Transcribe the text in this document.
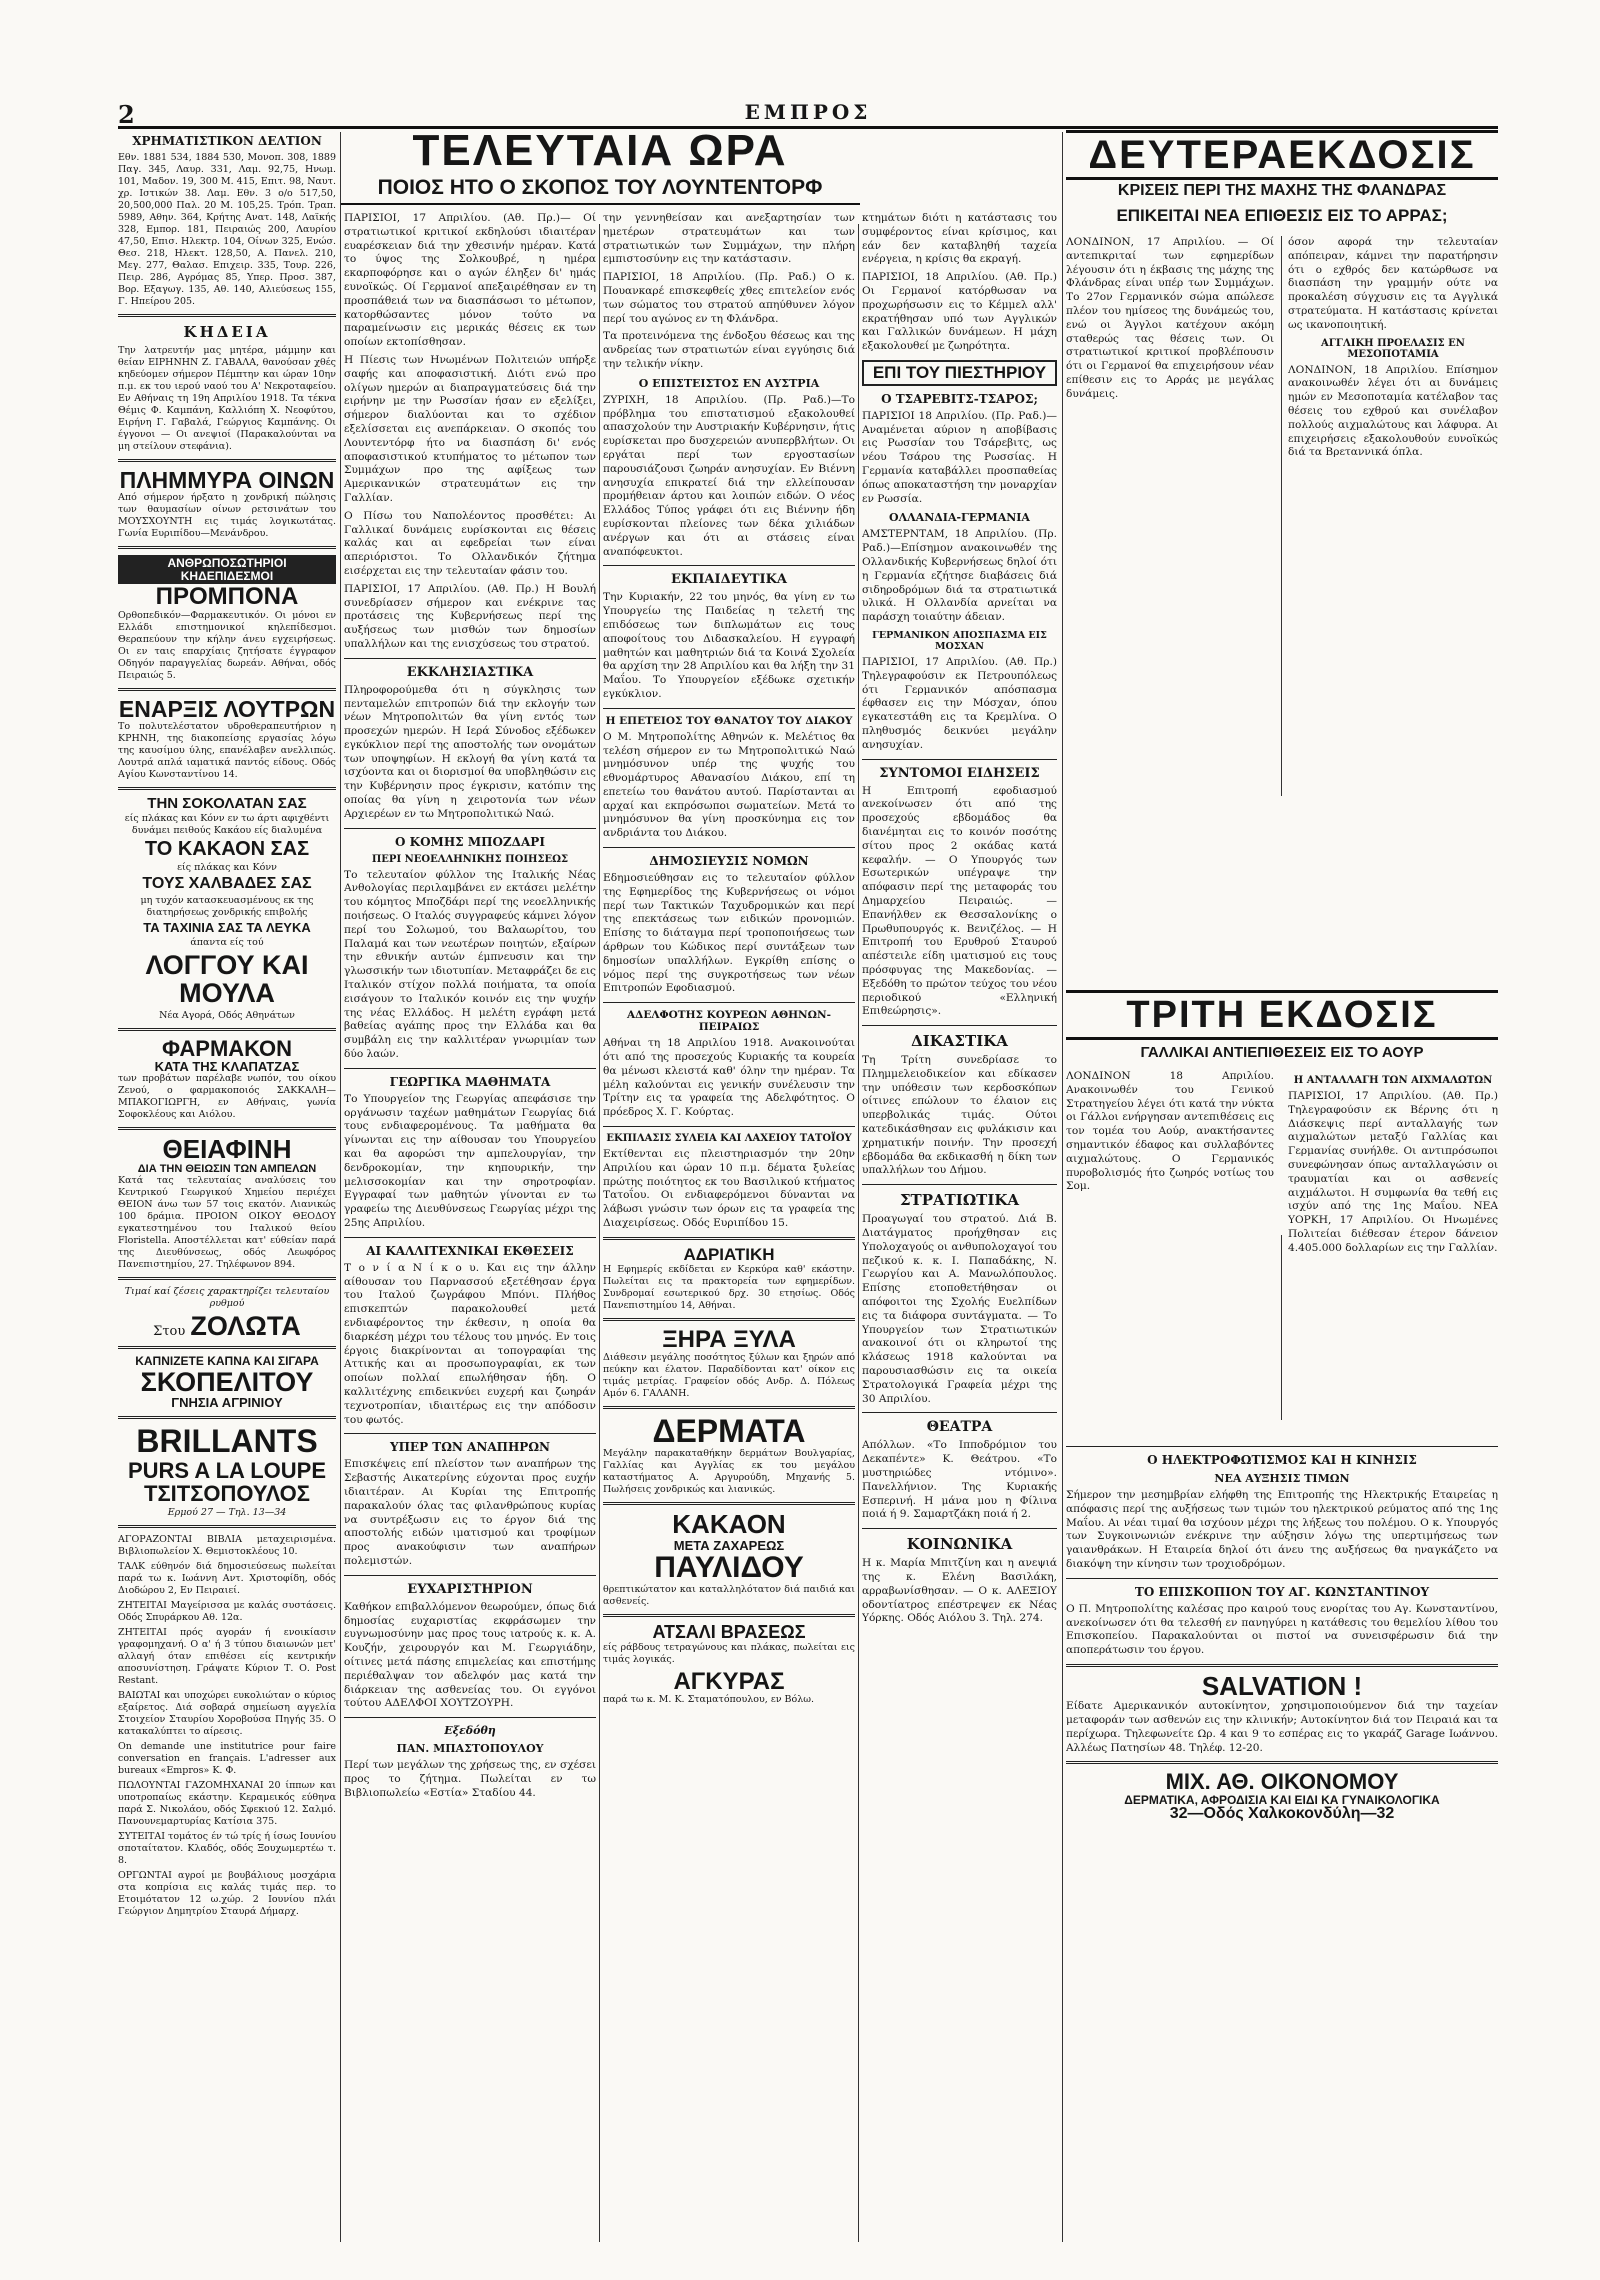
2	ΕΜΠΡΟΣ
ΤΕΛΕΥΤΑΙΑ ΩΡΑ
ΠΟΙΟΣ ΗΤΟ Ο ΣΚΟΠΟΣ ΤΟΥ ΛΟΥΝΤΕΝΤΟΡΦ
ΔΕΥΤΕΡΑΕΚΔΟΣΙΣ
ΚΡΙΣΕΙΣ ΠΕΡΙ ΤΗΣ ΜΑΧΗΣ ΤΗΣ ΦΛΑΝΔΡΑΣ
ΕΠΙΚΕΙΤΑΙ ΝΕΑ ΕΠΙΘΕΣΙΣ ΕΙΣ ΤΟ ΑΡΡΑΣ;
ΧΡΗΜΑΤΙΣΤΙΚΟΝ ΔΕΛΤΙΟΝ

Εθν. 1881 534, 1884 530, Μονοπ. 308, 1889 Παγ. 345, Λαυρ. 331, Λαμ. 92,75, Ηνωμ. 101, Μαδον. 19, 300 Μ. 415, Επιτ. 98, Ναυτ. χρ. Ιστικών 38. Λαμ. Εθν. 3 ο/ο 517,50, 20,500,000 Παλ. 20 Μ. 105,25. Τρόπ. Τραπ. 5989, Αθην. 364, Κρήτης Ανατ. 148, Λαϊκής 328, Εμπορ. 181, Πειραιώς 200, Λαυρίου 47,50, Επισ. Ηλεκτρ. 104, Οίνων 325, Ενώσ. Θεσ. 218, Ηλεκτ. 128,50, Α. Πανελ. 210, Μεγ. 277, Θαλασ. Επιχειρ. 335, Τουρ. 226, Πειρ. 286, Αγρόμας 85, Υπερ. Προσ. 387, Βορ. Εξαγωγ. 135, Αθ. 140, Αλιεύσεως 155, Γ. Ηπείρου 205.

ΚΗΔΕΙΑ

Την λατρευτήν μας μητέρα, μάμμην και θείαν ΕΙΡΗΝΗΝ Ζ. ΓΑΒΑΛΑ, θανούσαν χθές κηδεύομεν σήμερον Πέμπτην και ώραν 10ην π.μ. εκ του ιερού ναού του Α' Νεκροταφείου. Εν Αθήναις τη 19η Απριλίου 1918. Τα τέκνα Θέμις Φ. Καμπάνη, Καλλιόπη Χ. Νεοφύτου, Ειρήνη Γ. Γαβαλά, Γεώργιος Καμπάνης. Οι έγγονοι — Οι ανεψιοί (Παρακαλούνται να μη στείλουν στεφάνια).

ΠΛΗΜΜΥΡΑ ΟΙΝΩΝ

Από σήμερον ήρξατο η χονδρική πώλησις των θαυμασίων οίνων ρετσινάτων του ΜΟΥΣΧΟΥΝΤΗ εις τιμάς λογικωτάτας. Γωνία Ευριπίδου—Μενάνδρου.

ΑΝΘΡΩΠΟΣΩΤΗΡΙΟΙ ΚΗΔΕΠΙΔΕΣΜΟΙ
ΠΡΟΜΠΟΝΑ

Ορθοπεδικόν—Φαρμακευτικόν. Οι μόνοι εν Ελλάδι επιστημονικοί κηλεπίδεσμοι. Θεραπεύουν την κήλην άνευ εγχειρήσεως. Οι εν ταις επαρχίαις ζητήσατε έγγραφον Οδηγόν παραγγελίας δωρεάν. Αθήναι, οδός Πειραιώς 5.

ΕΝΑΡΞΙΣ ΛΟΥΤΡΩΝ

Το πολυτελέστατον υδροθεραπευτήριον η ΚΡΗΝΗ, της διακοπείσης εργασίας λόγω της καυσίμου ύλης, επανέλαβεν ανελλιπώς. Λουτρά απλά ιαματικά παντός είδους. Οδός Αγίου Κωνσταντίνου 14.

ΤΗΝ ΣΟΚΟΛΑΤΑΝ ΣΑΣ
είς πλάκας και Κόνν εν τω άρτι αφιχθέντι δυνάμει πειθούς Κακάου είς διαλυμένα
ΤΟ ΚΑΚΑΟΝ ΣΑΣ
είς πλάκας και Κόνν
ΤΟΥΣ ΧΑΛΒΑΔΕΣ ΣΑΣ
μη τυχόν κατασκευασμένους εκ της διατηρήσεως χονδρικής επιβολής
ΤΑ ΤΑΧΙΝΙΑ ΣΑΣ ΤΑ ΛΕΥΚΑ
άπαντα είς τού
ΛΟΓΓΟΥ ΚΑΙ ΜΟΥΛΑ
Νέα Αγορά, Οδός Αθηνάτων
ΦΑΡΜΑΚΟΝ
ΚΑΤΑ ΤΗΣ ΚΛΑΠΑΤΖΑΣ

των προβάτων παρέλαβε νωπόν, του οίκου Ζενού, ο φαρμακοποιός ΣΑΚΚΑΛΗ—ΜΠΑΚΟΓΙΩΡΓΗ, εν Αθήναις, γωνία Σοφοκλέους και Αιόλου.

ΘΕΙΑΦΙΝΗ
ΔΙΑ ΤΗΝ ΘΕΙΩΣΙΝ ΤΩΝ ΑΜΠΕΛΩΝ

Κατά τας τελευταίας αναλύσεις του Κεντρικού Γεωργικού Χημείου περιέχει ΘΕΙΟΝ άνω των 57 τοις εκατόν. Λιανικώς 100 δράμια. ΠΡΟΙΟΝ ΟΙΚΟΥ ΘΕΟΔΟΥ εγκατεστημένου του Ιταλικού θείου Floristella. Αποστέλλεται κατ' εύθείαν παρά της Διευθύνσεως, οδός Λεωφόρος Πανεπιστημίου, 27. Τηλέφωνον 894.

Τιμαί καί ζέσεις χαρακτηρίζει τελευταίου ρυθμού
Στου ΖΟΛΩΤΑ
ΚΑΠΝΙΖΕΤΕ ΚΑΠΝΑ ΚΑΙ ΣΙΓΑΡΑ
ΣΚΟΠΕΛΙΤΟΥ
ΓΝΗΣΙΑ ΑΓΡΙΝΙΟΥ
BRILLANTS
PURS A LA LOUPE
ΤΣΙΤΣΟΠΟΥΛΟΣ
Ερμού 27 — Τηλ. 13—34

ΑΓΟΡΑΖΟΝΤΑΙ ΒΙΒΛΙΑ μεταχειρισμένα. Βιβλιοπωλείον Χ. Θεμιστοκλέους 10.

ΤΑΛΚ εύθηνόν διά δημοσιεύσεως πωλείται παρά τω κ. Ιωάννη Αντ. Χριστοφίδη, οδός Διοδώρου 2, Εν Πειραιεί.

ΖΗΤΕΙΤΑΙ Μαγείρισσα με καλάς συστάσεις. Οδός Σπυράρκου Αθ. 12α.

ΖΗΤΕΙΤΑΙ πρός αγοράν ή ενοικίασιν γραφομηχανή. Ο α' ή 3 τύπου διαιωνών μετ' αλλαγή όταν επιθέσει είς κεντρικήν αποσυνίστηση. Γράψατε Κύριον Τ. Ο. Post Restant.

ΒΑΙΩΤΑΙ και υποχώρει ευκολιώταν ο κύριος εξαίρετος. Διά σοβαρά σημείωση αγγελία Στοιχείον Σταυρίου Χοροβούσα Πηγής 35. Ο κατακαλύπτει το αίρεσις.

On demande une institutrice pour faire conversation en français. L'adresser aux bureaux «Empros» K. Φ.

ΠΩΛΟΥΝΤΑΙ ΓΑΖΟΜΗΧΑΝΑΙ 20 ίππων και υποτροπαίως εκάστην. Κεραμεικός εύθηνα παρά Σ. Νικολάου, οδός Σφεκιού 12. Σαλμό. Πανουνεμαρτυρίας Κατίσια 375.

ΣΥΤΕΙΤΑΙ τομάτος έν τώ τρίς ή ίσως Ιουνίου σποταίτατον. Κλαδός, οδός Ξουχωμερτέω τ. 8.

ΟΡΓΩΝΤΑΙ αγροί με βουβάλιους μοσχάρια στα κοπρίσια εις καλάς τιμάς περ. το Ετοιμότατον 12 ω.χώρ. 2 Ιουνίου πλάι Γεώργιον Δημητρίου Σταυρά Δήμαρχ.

ΠΑΡΙΣΙΟΙ, 17 Απριλίου. (Αθ. Πρ.)— Οί στρατιωτικοί κριτικοί εκδηλούσι ιδιαιτέραν ευαρέσκειαν διά την χθεσινήν ημέραν. Κατά το ύψος της Σολκουβρέ, η ημέρα εκαρποφόρησε και ο αγών έληξεν δι' ημάς ευνοϊκώς. Οί Γερμανοί απεξαιρέθησαν εν τη προσπάθειά των να διασπάσωσι το μέτωπον, κατορθώσαντες μόνον τούτο να παραμείνωσιν εις μερικάς θέσεις εκ των οποίων εκτοπίσθησαν.

Η Πίεσις των Ηνωμένων Πολιτειών υπήρξε σαφής και αποφασιστική. Διότι ενώ προ ολίγων ημερών αι διαπραγματεύσεις διά την ειρήνην με την Ρωσσίαν ήσαν εν εξελίξει, σήμερον διαλύονται και το σχέδιον εξελίσσεται εις ανεπάρκειαν. Ο σκοπός του Λουντεντόρφ ήτο να διασπάση δι' ενός αποφασιστικού κτυπήματος το μέτωπον των Συμμάχων προ της αφίξεως των Αμερικανικών στρατευμάτων εις την Γαλλίαν.

Ο Πίσω του Ναπολέοντος προσθέτει: Αι Γαλλικαί δυνάμεις ευρίσκονται εις θέσεις καλάς και αι εφεδρείαι των είναι απεριόριστοι. Το Ολλανδικόν ζήτημα εισέρχεται εις την τελευταίαν φάσιν του.

ΠΑΡΙΣΙΟΙ, 17 Απριλίου. (Αθ. Πρ.) Η Βουλή συνεδρίασεν σήμερον και ενέκρινε τας προτάσεις της Κυβερνήσεως περί της αυξήσεως των μισθών των δημοσίων υπαλλήλων και της ενισχύσεως του στρατού.

ΕΚΚΛΗΣΙΑΣΤΙΚΑ

Πληροφορούμεθα ότι η σύγκλησις των πενταμελών επιτροπών διά την εκλογήν των νέων Μητροπολιτών θα γίνη εντός των προσεχών ημερών. Η Ιερά Σύνοδος εξέδωκεν εγκύκλιον περί της αποστολής των ονομάτων των υποψηφίων. Η εκλογή θα γίνη κατά τα ισχύοντα και οι διορισμοί θα υποβληθώσιν εις την Κυβέρνησιν προς έγκρισιν, κατόπιν της οποίας θα γίνη η χειροτονία των νέων Αρχιερέων εν τω Μητροπολιτικώ Ναώ.

Ο ΚΟΜΗΣ ΜΠΟΖΔΑΡΙ
ΠΕΡΙ ΝΕΟΕΛΛΗΝΙΚΗΣ ΠΟΙΗΣΕΩΣ

Το τελευταίον φύλλον της Ιταλικής Νέας Ανθολογίας περιλαμβάνει εν εκτάσει μελέτην του κόμητος Μποζδάρι περί της νεοελληνικής ποιήσεως. Ο Ιταλός συγγραφεύς κάμνει λόγον περί του Σολωμού, του Βαλαωρίτου, του Παλαμά και των νεωτέρων ποιητών, εξαίρων την εθνικήν αυτών έμπνευσιν και την γλωσσικήν των ιδιοτυπίαν. Μεταφράζει δε εις Ιταλικόν στίχον πολλά ποιήματα, τα οποία εισάγουν το Ιταλικόν κοινόν εις την ψυχήν της νέας Ελλάδος. Η μελέτη εγράφη μετά βαθείας αγάπης προς την Ελλάδα και θα συμβάλη εις την καλλιτέραν γνωριμίαν των δύο λαών.

ΓΕΩΡΓΙΚΑ ΜΑΘΗΜΑΤΑ

Το Υπουργείον της Γεωργίας απεφάσισε την οργάνωσιν ταχέων μαθημάτων Γεωργίας διά τους ενδιαφερομένους. Τα μαθήματα θα γίνωνται εις την αίθουσαν του Υπουργείου και θα αφορώσι την αμπελουργίαν, την δενδροκομίαν, την κηπουρικήν, την μελισσοκομίαν και την σηροτροφίαν. Εγγραφαί των μαθητών γίνονται εν τω γραφείω της Διευθύνσεως Γεωργίας μέχρι της 25ης Απριλίου.

ΑΙ ΚΑΛΛΙΤΕΧΝΙΚΑΙ ΕΚΘΕΣΕΙΣ

Τ ο ν ί α Ν ί κ ο υ. Και εις την άλλην αίθουσαν του Παρνασσού εξετέθησαν έργα του Ιταλού ζωγράφου Μπόνι. Πλήθος επισκεπτών παρακολουθεί μετά ενδιαφέροντος την έκθεσιν, η οποία θα διαρκέση μέχρι του τέλους του μηνός. Εν τοις έργοις διακρίνονται αι τοπογραφίαι της Αττικής και αι προσωπογραφίαι, εκ των οποίων πολλαί επωλήθησαν ήδη. Ο καλλιτέχνης επιδεικνύει ευχερή και ζωηράν τεχνοτροπίαν, ιδιαιτέρως εις την απόδοσιν του φωτός.

ΥΠΕΡ ΤΩΝ ΑΝΑΠΗΡΩΝ

Επισκέψεις επί πλείστον των αναπήρων της Σεβαστής Αικατερίνης εύχονται προς ευχήν ιδιαιτέραν. Αι Κυρίαι της Επιτροπής παρακαλούν όλας τας φιλανθρώπους κυρίας να συντρέξωσιν εις το έργον διά της αποστολής ειδών ιματισμού και τροφίμων προς ανακούφισιν των αναπήρων πολεμιστών.

ΕΥΧΑΡΙΣΤΗΡΙΟΝ

Καθήκον επιβαλλόμενον θεωρούμεν, όπως διά δημοσίας ευχαριστίας εκφράσωμεν την ευγνωμοσύνην μας προς τους ιατρούς κ. κ. Α. Κουζήν, χειρουργόν και Μ. Γεωργιάδην, οίτινες μετά πάσης επιμελείας και επιστήμης περιέθαλψαν τον αδελφόν μας κατά την διάρκειαν της ασθενείας του. Οι εγγόνοι τούτου ΑΔΕΛΦΟΙ ΧΟΥΤΖΟΥΡΗ.

Εξεδόθη
ΠΑΝ. ΜΠΑΣΤΟΠΟΥΛΟΥ

Περί των μεγάλων της χρήσεως της, εν σχέσει προς το ζήτημα. Πωλείται εν τω Βιβλιοπωλείω «Εστία» Σταδίου 44.

την γεννηθείσαν και ανεξαρτησίαν των ημετέρων στρατευμάτων και των στρατιωτικών των Συμμάχων, την πλήρη εμπιστοσύνην εις την κατάστασιν.

ΠΑΡΙΣΙΟΙ, 18 Απριλίου. (Πρ. Ραδ.) Ο κ. Πουανκαρέ επισκεφθείς χθες επιτελείον ενός των σώματος του στρατού απηύθυνεν λόγον περί του αγώνος εν τη Φλάνδρα.

Τα προτεινόμενα της ένδοξου θέσεως και της ανδρείας των στρατιωτών είναι εγγύησις διά την τελικήν νίκην.

Ο ΕΠΙΣΤΕΙΣΤΟΣ ΕΝ ΑΥΣΤΡΙΑ

ΖΥΡΙΧΗ, 18 Απριλίου. (Πρ. Ραδ.)—Το πρόβλημα του επιστατισμού εξακολουθεί απασχολούν την Αυστριακήν Κυβέρνησιν, ήτις ευρίσκεται προ δυσχερειών ανυπερβλήτων. Οι εργάται περί των εργοστασίων παρουσιάζουσι ζωηράν ανησυχίαν. Εν Βιέννη ανησυχία επικρατεί διά την ελλείπουσαν προμήθειαν άρτου και λοιπών ειδών. Ο νέος Ελλάδος Τύπος γράφει ότι εις Βιέννην ήδη ευρίσκονται πλείονες των δέκα χιλιάδων ανέργων και ότι αι στάσεις είναι αναπόφευκτοι.

ΕΚΠΑΙΔΕΥΤΙΚΑ

Την Κυριακήν, 22 του μηνός, θα γίνη εν τω Υπουργείω της Παιδείας η τελετή της επιδόσεως των διπλωμάτων εις τους αποφοίτους του Διδασκαλείου. Η εγγραφή μαθητών και μαθητριών διά τα Κοινά Σχολεία θα αρχίση την 28 Απριλίου και θα λήξη την 31 Μαΐου. Το Υπουργείον εξέδωκε σχετικήν εγκύκλιον.

Η ΕΠΕΤΕΙΟΣ ΤΟΥ ΘΑΝΑΤΟΥ ΤΟΥ ΔΙΑΚΟΥ

Ο Μ. Μητροπολίτης Αθηνών κ. Μελέτιος θα τελέση σήμερον εν τω Μητροπολιτικώ Ναώ μνημόσυνον υπέρ της ψυχής του εθνομάρτυρος Αθανασίου Διάκου, επί τη επετείω του θανάτου αυτού. Παρίστανται αι αρχαί και εκπρόσωποι σωματείων. Μετά το μνημόσυνον θα γίνη προσκύνημα εις τον ανδριάντα του Διάκου.

ΔΗΜΟΣΙΕΥΣΙΣ ΝΟΜΩΝ

Εδημοσιεύθησαν εις το τελευταίον φύλλον της Εφημερίδος της Κυβερνήσεως οι νόμοι περί των Τακτικών Ταχυδρομικών και περί της επεκτάσεως των ειδικών προνομιών. Επίσης το διάταγμα περί τροποποιήσεως των άρθρων του Κώδικος περί συντάξεων των δημοσίων υπαλλήλων. Εγκρίθη επίσης ο νόμος περί της συγκροτήσεως των νέων Επιτροπών Εφοδιασμού.

ΑΔΕΛΦΟΤΗΣ ΚΟΥΡΕΩΝ ΑΘΗΝΩΝ-ΠΕΙΡΑΙΩΣ

Αθήναι τη 18 Απριλίου 1918. Ανακοινούται ότι από της προσεχούς Κυριακής τα κουρεία θα μένωσι κλειστά καθ' όλην την ημέραν. Τα μέλη καλούνται εις γενικήν συνέλευσιν την Τρίτην εις τα γραφεία της Αδελφότητος. Ο πρόεδρος Χ. Γ. Κούρτας.

ΕΚΠΙΛΑΣΙΣ ΣΥΛΕΙΑ ΚΑΙ ΛΑΧΕΙΟΥ ΤΑΤΟΪΟΥ

Εκτίθενται εις πλειστηριασμόν την 20ην Απριλίου και ώραν 10 π.μ. δέματα ξυλείας πρώτης ποιότητος εκ του Βασιλικού κτήματος Τατοΐου. Οι ενδιαφερόμενοι δύνανται να λάβωσι γνώσιν των όρων εις τα γραφεία της Διαχειρίσεως. Οδός Ευριπίδου 15.

ΑΔΡΙΑΤΙΚΗ

Η Εφημερίς εκδίδεται εν Κερκύρα καθ' εκάστην. Πωλείται εις τα πρακτορεία των εφημερίδων. Συνδρομαί εσωτερικού δρχ. 30 ετησίως. Οδός Πανεπιστημίου 14, Αθήναι.

ΞΗΡΑ ΞΥΛΑ

Διάθεσιν μεγάλης ποσότητος ξύλων και ξηρών από πεύκην και έλατον. Παραδίδονται κατ' οίκον εις τιμάς μετρίας. Γραφείον οδός Ανδρ. Δ. Πόλεως Αμόν 6. ΓΑΛΑΝΗ.

ΔΕΡΜΑΤΑ

Μεγάλην παρακαταθήκην δερμάτων Βουλγαρίας, Γαλλίας και Αγγλίας εκ του μεγάλου καταστήματος Α. Αργυρούδη, Μηχανής 5. Πωλήσεις χονδρικώς και λιανικώς.

ΚΑΚΑΟΝ
ΜΕΤΑ ΖΑΧΑΡΕΩΣ
ΠΑΥΛΙΔΟΥ

θρεπτικώτατον και καταλληλότατον διά παιδιά και ασθενείς.

ΑΤΣΑΛΙ ΒΡΑΣΕΩΣ

είς ράβδους τετραγώνους και πλάκας, πωλείται εις τιμάς λογικάς.

ΑΓΚΥΡΑΣ

παρά τω κ. Μ. Κ. Σταματόπουλου, εν Βόλω.

κτημάτων διότι η κατάστασις του συμφέροντος είναι κρίσιμος, και εάν δεν καταβληθή ταχεία ενέργεια, η κρίσις θα εκραγή.

ΠΑΡΙΣΙΟΙ, 18 Απριλίου. (Αθ. Πρ.) Οι Γερμανοί κατόρθωσαν να προχωρήσωσιν εις το Κέμμελ αλλ' εκρατήθησαν υπό των Αγγλικών και Γαλλικών δυνάμεων. Η μάχη εξακολουθεί με ζωηρότητα.

ΕΠΙ ΤΟΥ ΠΙΕΣΤΗΡΙΟΥ
Ο ΤΣΑΡΕΒΙΤΣ-ΤΣΑΡΟΣ;

ΠΑΡΙΣΙΟΙ 18 Απριλίου. (Πρ. Ραδ.)—Αναμένεται αύριον η αποβίβασις εις Ρωσσίαν του Τσάρεβιτς, ως νέου Τσάρου της Ρωσσίας. Η Γερμανία καταβάλλει προσπαθείας όπως αποκαταστήση την μοναρχίαν εν Ρωσσία.

ΟΛΛΑΝΔΙΑ-ΓΕΡΜΑΝΙΑ

ΑΜΣΤΕΡΝΤΑΜ, 18 Απριλίου. (Πρ. Ραδ.)—Επίσημον ανακοινωθέν της Ολλανδικής Κυβερνήσεως δηλοί ότι η Γερμανία εζήτησε διαβάσεις διά σιδηροδρόμων διά τα στρατιωτικά υλικά. Η Ολλανδία αρνείται να παράσχη τοιαύτην άδειαν.

ΓΕΡΜΑΝΙΚΟΝ ΑΠΟΣΠΑΣΜΑ ΕΙΣ ΜΟΣΧΑΝ

ΠΑΡΙΣΙΟΙ, 17 Απριλίου. (Αθ. Πρ.) Τηλεγραφούσιν εκ Πετρουπόλεως ότι Γερμανικόν απόσπασμα έφθασεν εις την Μόσχαν, όπου εγκατεστάθη εις τα Κρεμλίνα. Ο πληθυσμός δεικνύει μεγάλην ανησυχίαν.

ΣΥΝΤΟΜΟΙ ΕΙΔΗΣΕΙΣ

Η Επιτροπή εφοδιασμού ανεκοίνωσεν ότι από της προσεχούς εβδομάδος θα διανέμηται εις το κοινόν ποσότης σίτου προς 2 οκάδας κατά κεφαλήν. — Ο Υπουργός των Εσωτερικών υπέγραψε την απόφασιν περί της μεταφοράς του Δημαρχείου Πειραιώς. — Επανήλθεν εκ Θεσσαλονίκης ο Πρωθυπουργός κ. Βενιζέλος. — Η Επιτροπή του Ερυθρού Σταυρού απέστειλε είδη ιματισμού εις τους πρόσφυγας της Μακεδονίας. — Εξεδόθη το πρώτον τεύχος του νέου περιοδικού «Ελληνική Επιθεώρησις».

ΔΙΚΑΣΤΙΚΑ

Τη Τρίτη συνεδρίασε το Πλημμελειοδικείον και εδίκασεν την υπόθεσιν των κερδοσκόπων οίτινες επώλουν το έλαιον εις υπερβολικάς τιμάς. Ούτοι κατεδικάσθησαν εις φυλάκισιν και χρηματικήν ποινήν. Την προσεχή εβδομάδα θα εκδικασθή η δίκη των υπαλλήλων του Δήμου.

ΣΤΡΑΤΙΩΤΙΚΑ

Προαγωγαί του στρατού. Διά Β. Διατάγματος προήχθησαν εις Υπολοχαγούς οι ανθυπολοχαγοί του πεζικού κ. κ. Ι. Παπαδάκης, Ν. Γεωργίου και Α. Μανωλόπουλος. Επίσης ετοποθετήθησαν οι απόφοιτοι της Σχολής Ευελπίδων εις τα διάφορα συντάγματα. — Το Υπουργείον των Στρατιωτικών ανακοινοί ότι οι κληρωτοί της κλάσεως 1918 καλούνται να παρουσιασθώσιν εις τα οικεία Στρατολογικά Γραφεία μέχρι της 30 Απριλίου.

ΘΕΑΤΡΑ

Απόλλων. «Το Ιπποδρόμιον του Δεκαπέντε» Κ. Θεάτρου. «Το μυστηριώδες ντόμινο». Πανελλήνιον. Της Κυριακής Εσπερινή. Η μάνα μου η Φίλινα ποιά ή 9. Σαμαρτζάκη ποιά ή 2.

ΚΟΙΝΩΝΙΚΑ

Η κ. Μαρία Μπιτζίνη και η ανεψιά της κ. Ελένη Βασιλάκη, αρραβωνίσθησαν. — Ο κ. ΑΛΕΞΙΟΥ οδοντίατρος επέστρεψεν εκ Νέας Υόρκης. Οδός Αιόλου 3. Τηλ. 274.

ΛΟΝΔΙΝΟΝ, 17 Απριλίου. — Οί αντεπικριταί των εφημερίδων λέγουσιν ότι η έκβασις της μάχης της Φλάνδρας είναι υπέρ των Συμμάχων. Το 27ον Γερμανικόν σώμα απώλεσε πλέον του ημίσεος της δυνάμεώς του, ενώ οι Άγγλοι κατέχουν ακόμη σταθερώς τας θέσεις των. Οι στρατιωτικοί κριτικοί προβλέπουσιν ότι οι Γερμανοί θα επιχειρήσουν νέαν επίθεσιν εις το Αρράς με μεγάλας δυνάμεις.

όσον αφορά την τελευταίαν απόπειραν, κάμνει την παρατήρησιν ότι ο εχθρός δεν κατώρθωσε να διασπάση την γραμμήν ούτε να προκαλέση σύγχυσιν εις τα Αγγλικά στρατεύματα. Η κατάστασις κρίνεται ως ικανοποιητική.

ΑΓΓΛΙΚΗ ΠΡΟΕΛΑΣΙΣ ΕΝ ΜΕΣΟΠΟΤΑΜΙΑ

ΛΟΝΔΙΝΟΝ, 18 Απριλίου. Επίσημον ανακοινωθέν λέγει ότι αι δυνάμεις ημών εν Μεσοποταμία κατέλαβον τας θέσεις του εχθρού και συνέλαβον πολλούς αιχμαλώτους και λάφυρα. Αι επιχειρήσεις εξακολουθούν ευνοϊκώς διά τα Βρεταννικά όπλα.

ΤΡΙΤΗ ΕΚΔΟΣΙΣ
ΓΑΛΛΙΚΑΙ ΑΝΤΙΕΠΙΘΕΣΕΙΣ ΕΙΣ ΤΟ ΑΟΥΡ

ΛΟΝΔΙΝΟΝ 18 Απριλίου. Ανακοινωθέν του Γενικού Στρατηγείου λέγει ότι κατά την νύκτα οι Γάλλοι ενήργησαν αντεπιθέσεις εις τον τομέα του Αούρ, ανακτήσαντες σημαντικόν έδαφος και συλλαβόντες αιχμαλώτους. Ο Γερμανικός πυροβολισμός ήτο ζωηρός νοτίως του Σομ.

Η ΑΝΤΑΛΛΑΓΗ ΤΩΝ ΑΙΧΜΑΛΩΤΩΝ

ΠΑΡΙΣΙΟΙ, 17 Απριλίου. (Αθ. Πρ.) Τηλεγραφούσιν εκ Βέρνης ότι η Διάσκεψις περί ανταλλαγής των αιχμαλώτων μεταξύ Γαλλίας και Γερμανίας συνήλθε. Οι αντιπρόσωποι συνεφώνησαν όπως ανταλλαγώσιν οι τραυματίαι και οι ασθενείς αιχμάλωτοι. Η συμφωνία θα τεθή εις ισχύν από της 1ης Μαΐου. ΝΕΑ ΥΟΡΚΗ, 17 Απριλίου. Οι Ηνωμένες Πολιτείαι διέθεσαν έτερον δάνειον 4.405.000 δολλαρίων εις την Γαλλίαν.

Ο ΗΛΕΚΤΡΟΦΩΤΙΣΜΟΣ ΚΑΙ Η ΚΙΝΗΣΙΣ
ΝΕΑ ΑΥΞΗΣΙΣ ΤΙΜΩΝ

Σήμερον την μεσημβρίαν ελήφθη της Επιτροπής της Ηλεκτρικής Εταιρείας η απόφασις περί της αυξήσεως των τιμών του ηλεκτρικού ρεύματος από της 1ης Μαΐου. Αι νέαι τιμαί θα ισχύουν μέχρι της λήξεως του πολέμου. Ο κ. Υπουργός των Συγκοινωνιών ενέκρινε την αύξησιν λόγω της υπερτιμήσεως των γαιανθράκων. Η Εταιρεία δηλοί ότι άνευ της αυξήσεως θα ηναγκάζετο να διακόψη την κίνησιν των τροχιοδρόμων.

ΤΟ ΕΠΙΣΚΟΠΙΟΝ ΤΟΥ ΑΓ. ΚΩΝΣΤΑΝΤΙΝΟΥ

Ο Π. Μητροπολίτης καλέσας προ καιρού τους ενορίτας του Αγ. Κωνσταντίνου, ανεκοίνωσεν ότι θα τελεσθή εν πανηγύρει η κατάθεσις του θεμελίου λίθου του Επισκοπείου. Παρακαλούνται οι πιστοί να συνεισφέρωσιν διά την αποπεράτωσιν του έργου.

SALVATION !

Είδατε Αμερικανικόν αυτοκίνητον, χρησιμοποιούμενον διά την ταχείαν μεταφοράν των ασθενών εις την κλινικήν; Αυτοκίνητον διά τον Πειραιά και τα περίχωρα. Τηλεφωνείτε Ωρ. 4 και 9 το εσπέρας εις το γκαράζ Garage Ιωάννου. Αλλέως Πατησίων 48. Τηλέφ. 12-20.

ΜΙΧ. ΑΘ. ΟΙΚΟΝΟΜΟΥ
ΔΕΡΜΑΤΙΚΑ, ΑΦΡΟΔΙΣΙΑ ΚΑΙ ΕΙΔΙ ΚΑ ΓΥΝΑΙΚΟΛΟΓΙΚΑ
32—Οδός Χαλκοκονδύλη—32
